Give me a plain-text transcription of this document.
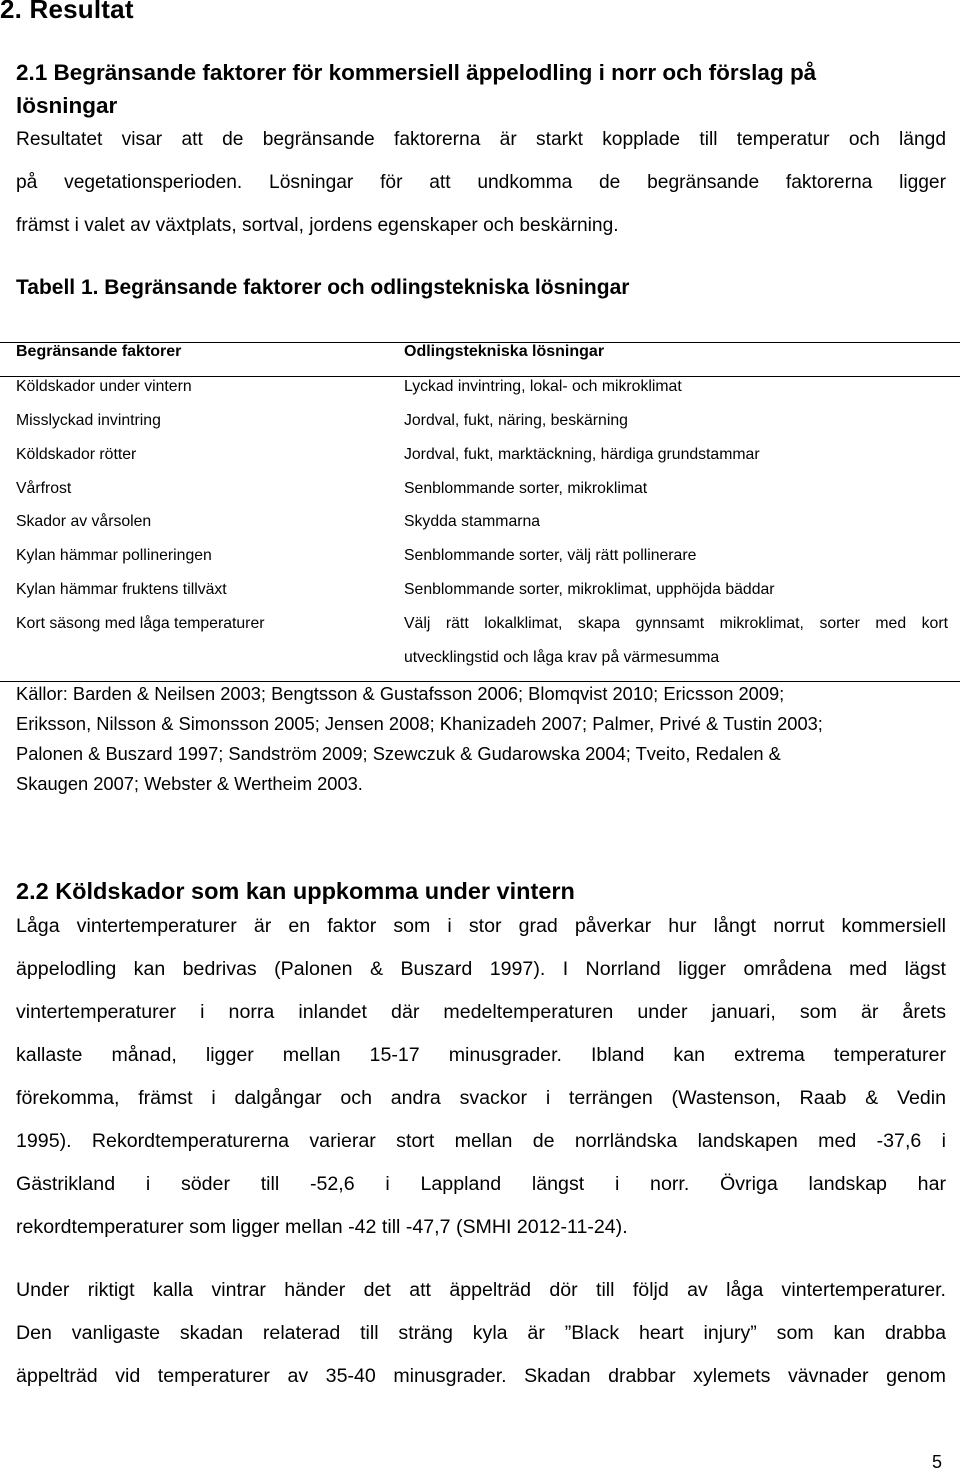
2. Resultat
2.1 Begränsande faktorer för kommersiell äppelodling i norr och förslag på
lösningar
Resultatet visar att de begränsande faktorerna är starkt kopplade till temperatur och längd
på vegetationsperioden. Lösningar för att undkomma de begränsande faktorerna ligger
främst i valet av växtplats, sortval, jordens egenskaper och beskärning.
Tabell 1. Begränsande faktorer och odlingstekniska lösningar
Begränsande faktorer	Odlingstekniska lösningar
Köldskador under vintern	Lyckad invintring, lokal- och mikroklimat
Misslyckad invintring	Jordval, fukt, näring, beskärning
Köldskador rötter	Jordval, fukt, marktäckning, härdiga grundstammar
Vårfrost	Senblommande sorter, mikroklimat
Skador av vårsolen	Skydda stammarna
Kylan hämmar pollineringen	Senblommande sorter, välj rätt pollinerare
Kylan hämmar fruktens tillväxt	Senblommande sorter, mikroklimat, upphöjda bäddar
Kort säsong med låga temperaturer	Välj rätt lokalklimat, skapa gynnsamt mikroklimat, sorter med kort
utvecklingstid och låga krav på värmesumma
Källor: Barden & Neilsen 2003; Bengtsson & Gustafsson 2006; Blomqvist 2010; Ericsson 2009;
Eriksson, Nilsson & Simonsson 2005; Jensen 2008; Khanizadeh 2007; Palmer, Privé & Tustin 2003;
Palonen & Buszard 1997; Sandström 2009; Szewczuk & Gudarowska 2004; Tveito, Redalen &
Skaugen 2007; Webster & Wertheim 2003.
2.2 Köldskador som kan uppkomma under vintern
Låga vintertemperaturer är en faktor som i stor grad påverkar hur långt norrut kommersiell
äppelodling kan bedrivas (Palonen & Buszard 1997). I Norrland ligger områdena med lägst
vintertemperaturer i norra inlandet där medeltemperaturen under januari, som är årets
kallaste månad, ligger mellan 15-17 minusgrader. Ibland kan extrema temperaturer
förekomma, främst i dalgångar och andra svackor i terrängen (Wastenson, Raab & Vedin
1995). Rekordtemperaturerna varierar stort mellan de norrländska landskapen med -37,6 i
Gästrikland i söder till -52,6 i Lappland längst i norr. Övriga landskap har
rekordtemperaturer som ligger mellan -42 till -47,7 (SMHI 2012-11-24).
Under riktigt kalla vintrar händer det att äppelträd dör till följd av låga vintertemperaturer.
Den vanligaste skadan relaterad till sträng kyla är ”Black heart injury” som kan drabba
äppelträd vid temperaturer av 35-40 minusgrader. Skadan drabbar xylemets vävnader genom
5
